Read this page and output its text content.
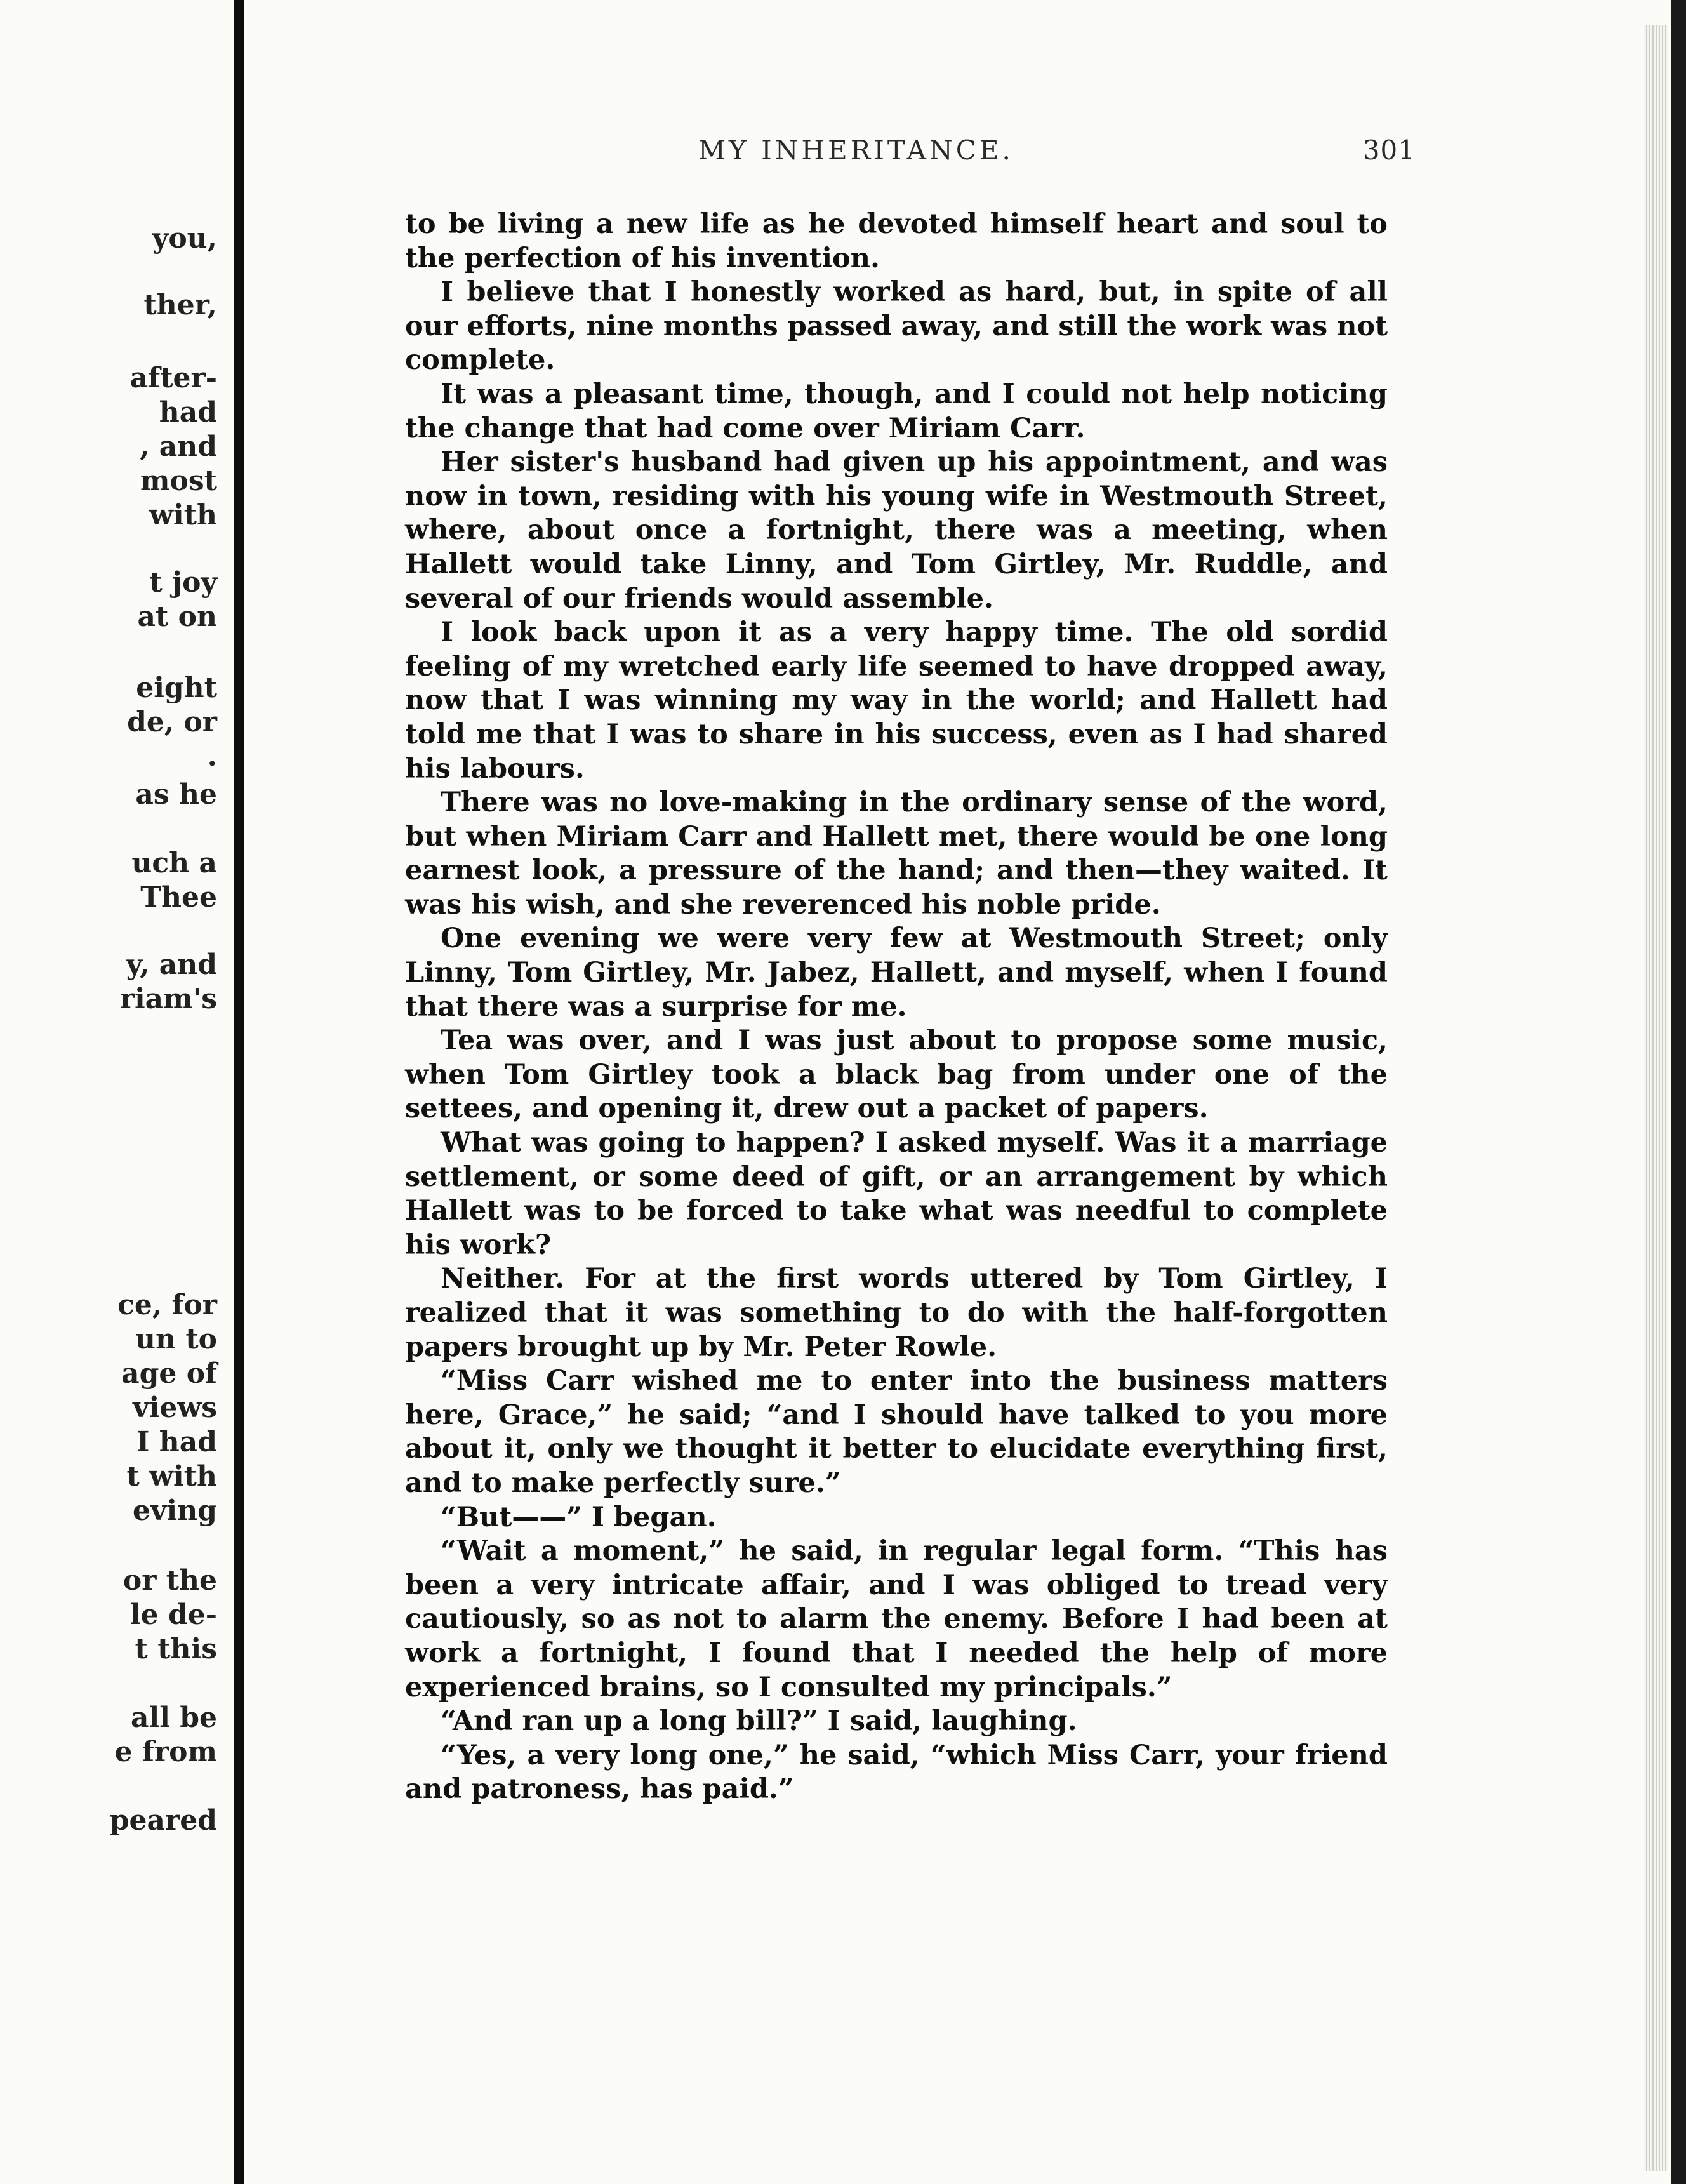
you,
ther,
after-
had
, and
most
with
t joy
at on
eight
de, or
.
as he
uch a
Thee
y, and
riam's
ce, for
un to
age of
views
I had
t with
eving
or the
le de-
t this
all be
e from
peared
MY INHERITANCE.	301

to be living a new life as he devoted himself heart and soul to the perfection of his invention.

I believe that I honestly worked as hard, but, in spite of all our efforts, nine months passed away, and still the work was not complete.

It was a pleasant time, though, and I could not help noticing the change that had come over Miriam Carr.

Her sister's husband had given up his appointment, and was now in town, residing with his young wife in Westmouth Street, where, about once a fortnight, there was a meeting, when Hallett would take Linny, and Tom Girtley, Mr. Ruddle, and several of our friends would assemble.

I look back upon it as a very happy time. The old sordid feeling of my wretched early life seemed to have dropped away, now that I was winning my way in the world; and Hallett had told me that I was to share in his success, even as I had shared his labours.

There was no love-making in the ordinary sense of the word, but when Miriam Carr and Hallett met, there would be one long earnest look, a pressure of the hand; and then—they waited. It was his wish, and she reverenced his noble pride.

One evening we were very few at Westmouth Street; only Linny, Tom Girtley, Mr. Jabez, Hallett, and myself, when I found that there was a surprise for me.

Tea was over, and I was just about to propose some music, when Tom Girtley took a black bag from under one of the settees, and opening it, drew out a packet of papers.

What was going to happen? I asked myself. Was it a marriage settlement, or some deed of gift, or an arrangement by which Hallett was to be forced to take what was needful to complete his work?

Neither. For at the first words uttered by Tom Girtley, I realized that it was something to do with the half-forgotten papers brought up by Mr. Peter Rowle.

“Miss Carr wished me to enter into the business matters here, Grace,” he said; “and I should have talked to you more about it, only we thought it better to elucidate everything first, and to make perfectly sure.”

“But——” I began.

“Wait a moment,” he said, in regular legal form. “This has been a very intricate affair, and I was obliged to tread very cautiously, so as not to alarm the enemy. Before I had been at work a fortnight, I found that I needed the help of more experienced brains, so I consulted my principals.”

“And ran up a long bill?” I said, laughing.

“Yes, a very long one,” he said, “which Miss Carr, your friend and patroness, has paid.”
